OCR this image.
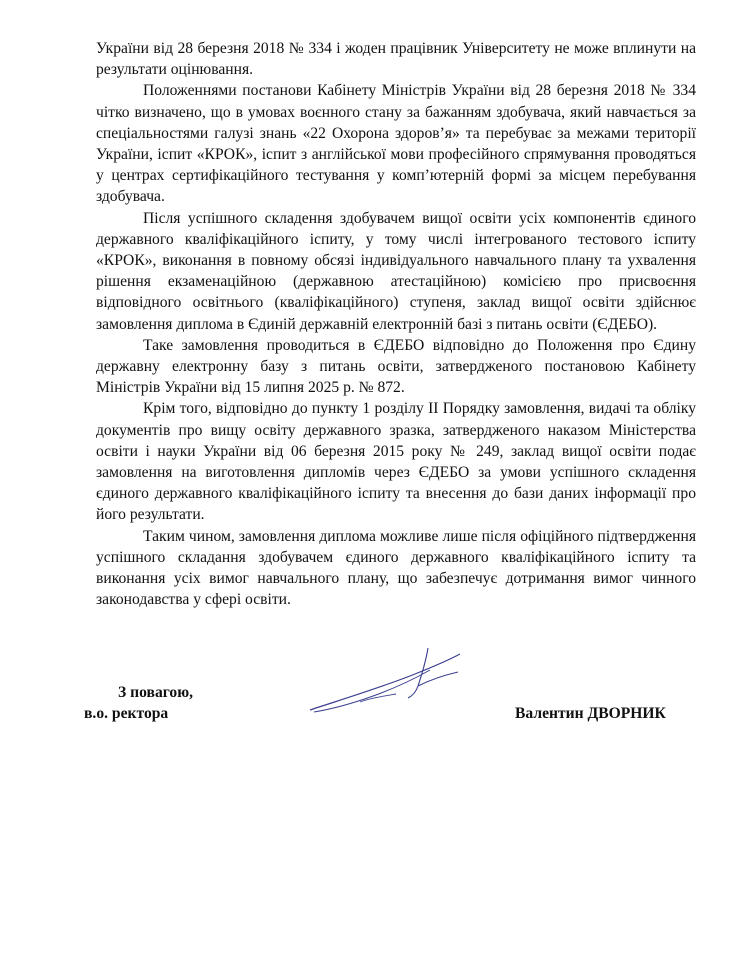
України від 28 березня 2018 № 334 і жоден працівник Університету не може вплинути на результати оцінювання.

Положеннями постанови Кабінету Міністрів України від 28 березня 2018 № 334 чітко визначено, що в умовах воєнного стану за бажанням здобувача, який навчається за спеціальностями галузі знань «22 Охорона здоров’я» та перебуває за межами території України, іспит «КРОК», іспит з англійської мови професійного спрямування проводяться у центрах сертифікаційного тестування у комп’ютерній формі за місцем перебування здобувача.

Після успішного складення здобувачем вищої освіти усіх компонентів єдиного державного кваліфікаційного іспиту, у тому числі інтегрованого тестового іспиту «КРОК», виконання в повному обсязі індивідуального навчального плану та ухвалення рішення екзаменаційною (державною атестаційною) комісією про присвоєння відповідного освітнього (кваліфікаційного) ступеня, заклад вищої освіти здійснює замовлення диплома в Єдиній державній електронній базі з питань освіти (ЄДЕБО).

Таке замовлення проводиться в ЄДЕБО відповідно до Положення про Єдину державну електронну базу з питань освіти, затвердженого постановою Кабінету Міністрів України від 15 липня 2025 р. № 872.

Крім того, відповідно до пункту 1 розділу ІІ Порядку замовлення, видачі та обліку документів про вищу освіту державного зразка, затвердженого наказом Міністерства освіти і науки України від 06 березня 2015 року № 249, заклад вищої освіти подає замовлення на виготовлення дипломів через ЄДЕБО за умови успішного складення єдиного державного кваліфікаційного іспиту та внесення до бази даних інформації про його результати.

Таким чином, замовлення диплома можливе лише після офіційного підтвердження успішного складання здобувачем єдиного державного кваліфікаційного іспиту та виконання усіх вимог навчального плану, що забезпечує дотримання вимог чинного законодавства у сфері освіти.

З повагою,
в.о. ректора	Валентин ДВОРНИК
